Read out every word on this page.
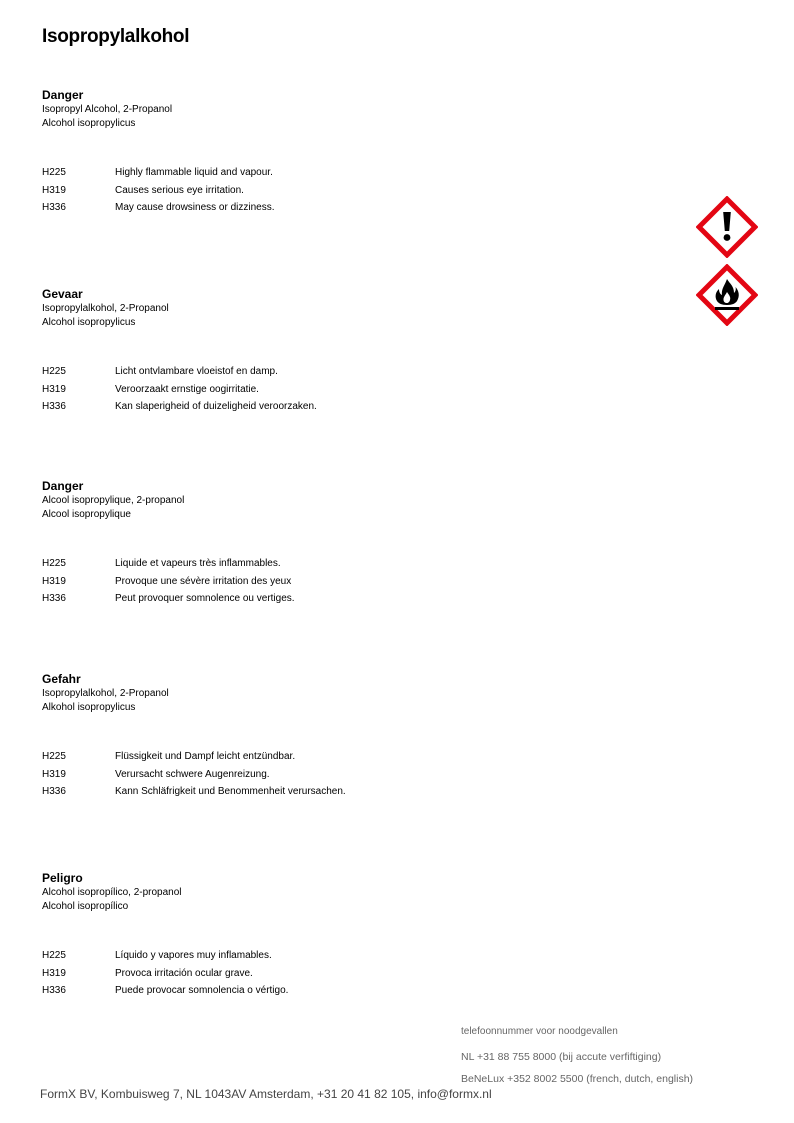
Isopropylalkohol
Danger
Isopropyl Alcohol, 2-Propanol
Alcohol isopropylicus
H225	Highly flammable liquid and vapour.
H319	Causes serious eye irritation.
H336	May cause drowsiness or dizziness.
Gevaar
Isopropylalkohol, 2-Propanol
Alcohol isopropylicus
H225	Licht ontvlambare vloeistof en damp.
H319	Veroorzaakt ernstige oogirritatie.
H336	Kan slaperigheid of duizeligheid veroorzaken.
Danger
Alcool isopropylique, 2-propanol
Alcool isopropylique
H225	Liquide et vapeurs très inflammables.
H319	Provoque une sévère irritation des yeux
H336	Peut provoquer somnolence ou vertiges.
Gefahr
Isopropylalkohol, 2-Propanol
Alkohol isopropylicus
H225	Flüssigkeit und Dampf leicht entzündbar.
H319	Verursacht schwere Augenreizung.
H336	Kann Schläfrigkeit und Benommenheit verursachen.
Peligro
Alcohol isopropílico, 2-propanol
Alcohol isopropílico
H225	Líquido y vapores muy inflamables.
H319	Provoca irritación ocular grave.
H336	Puede provocar somnolencia o vértigo.
telefoonnummer voor noodgevallen
NL +31 88 755 8000 (bij accute verfiftiging)
BeNeLux +352 8002 5500 (french, dutch, english)
FormX BV, Kombuisweg 7, NL 1043AV Amsterdam, +31 20 41 82 105, info@formx.nl
